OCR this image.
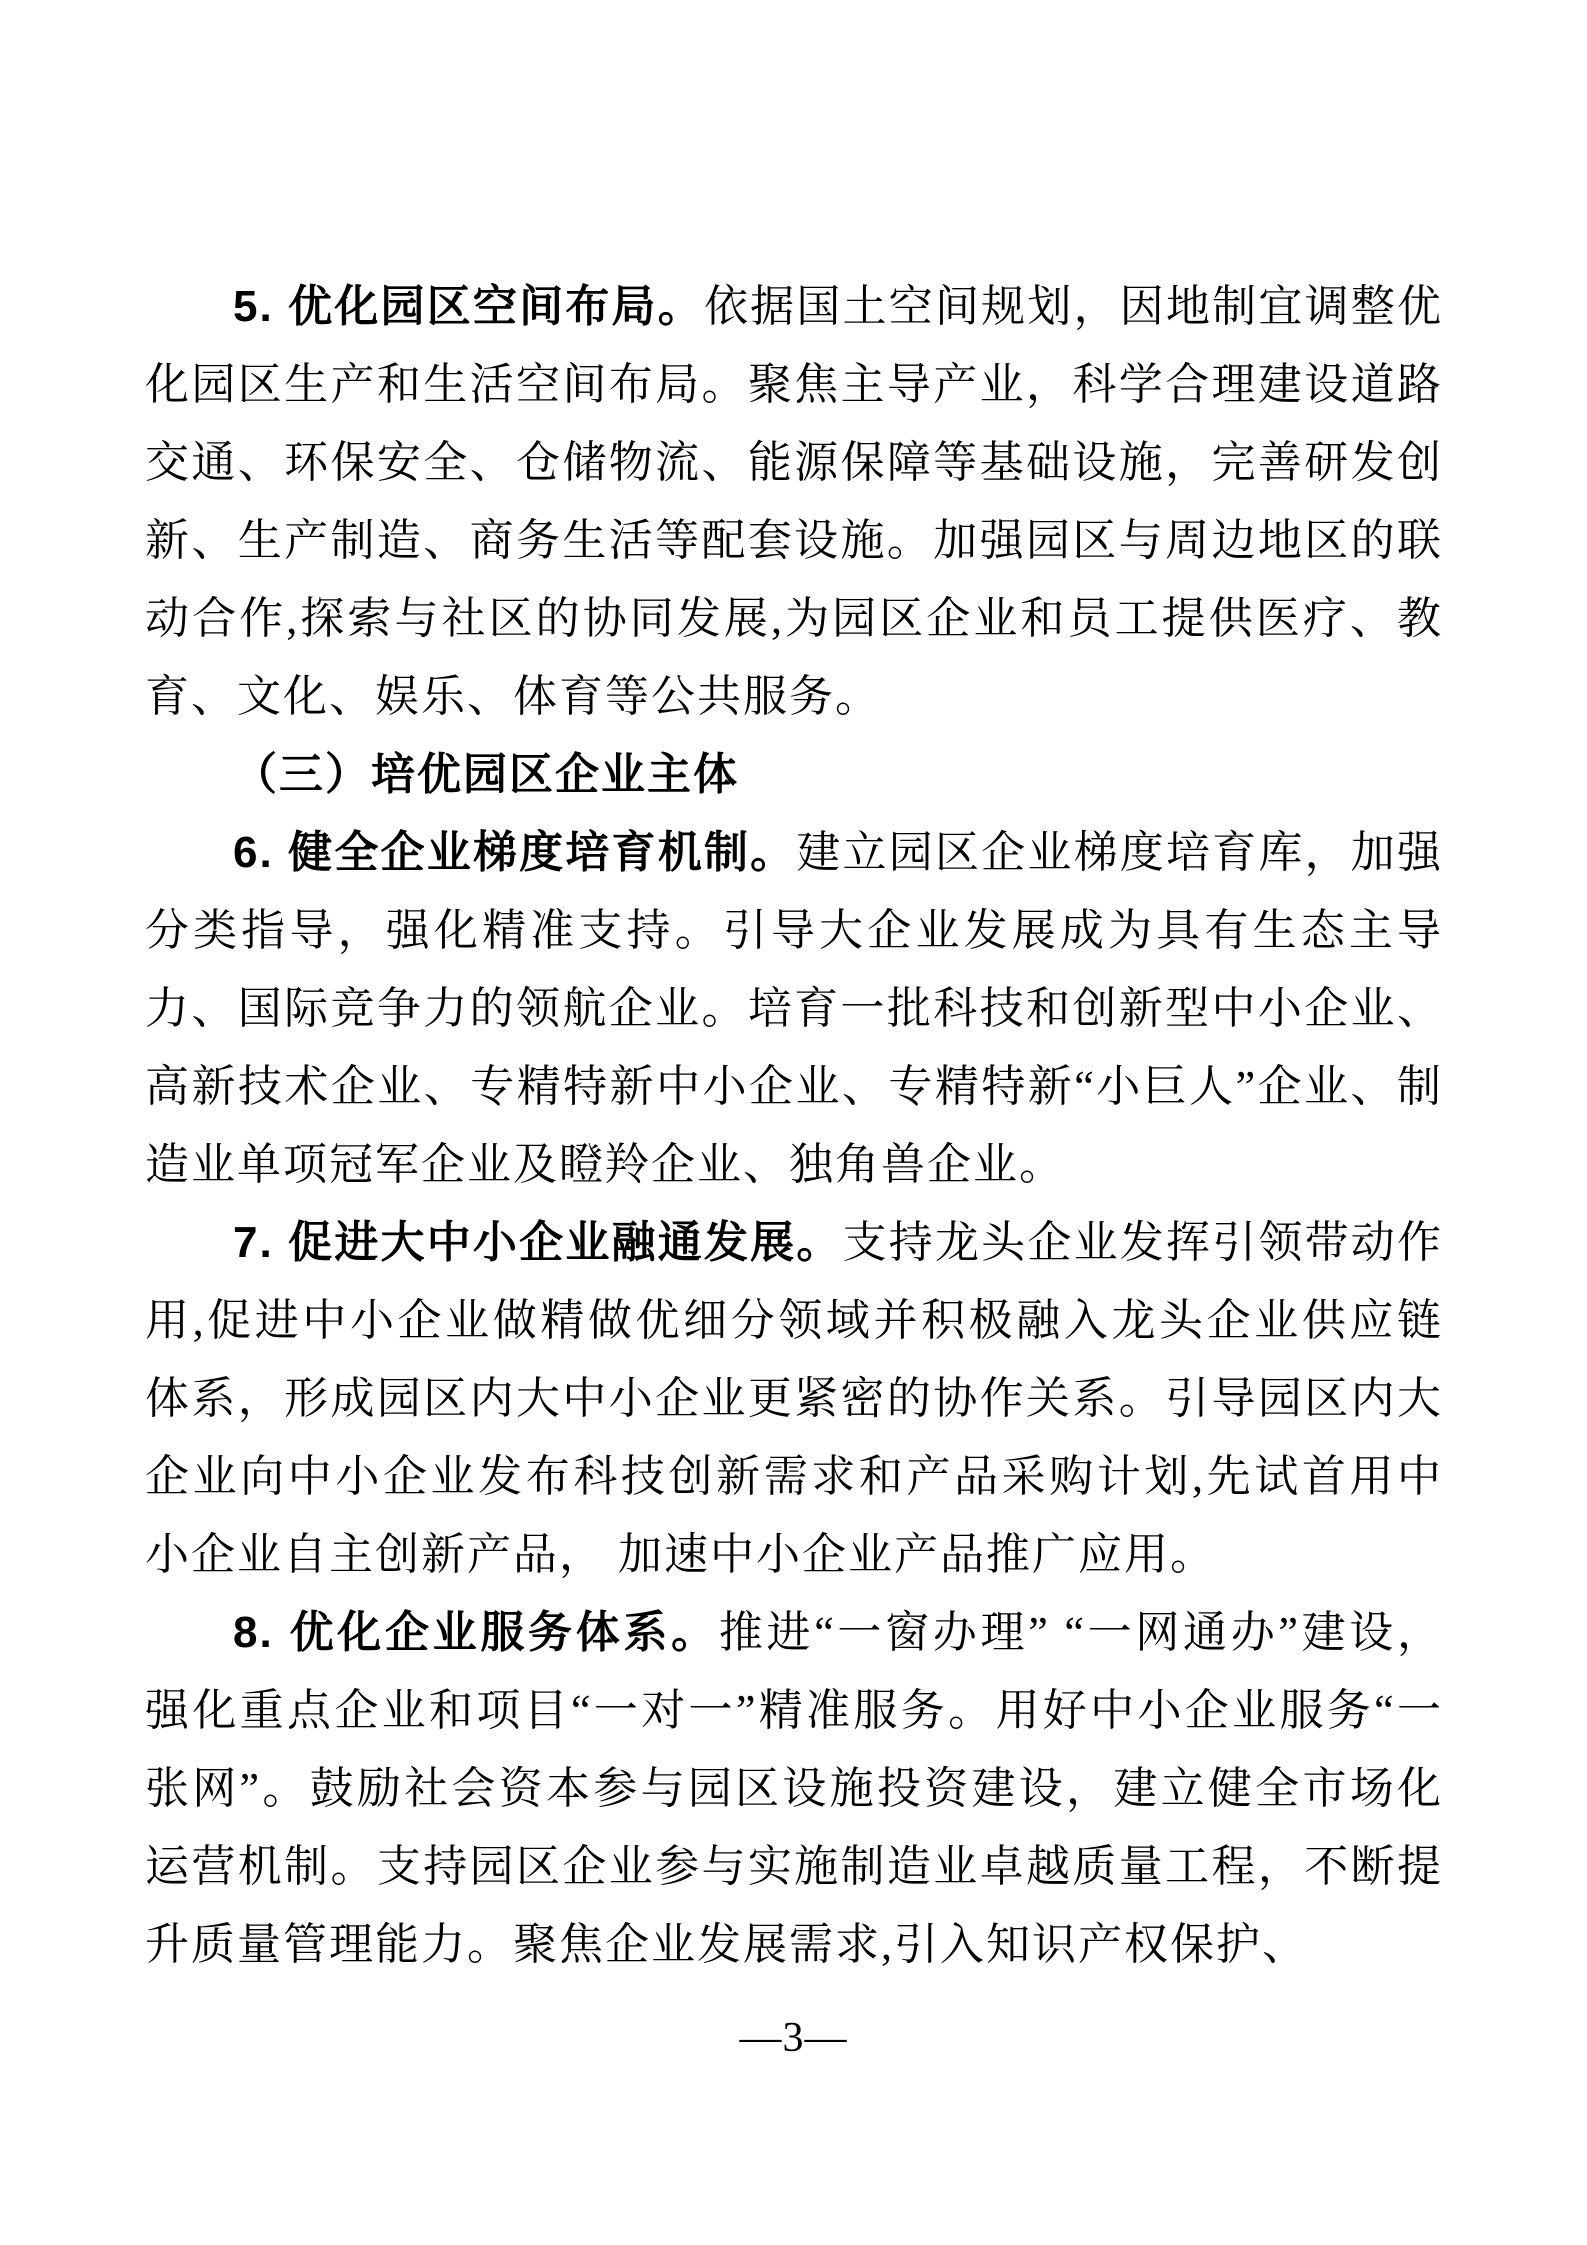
5. 优化园区空间布局。依据国土空间规划，因地制宜调整优化园区生产和生活空间布局。聚焦主导产业，科学合理建设道路交通、环保安全、仓储物流、能源保障等基础设施，完善研发创新、生产制造、商务生活等配套设施。加强园区与周边地区的联动合作,探索与社区的协同发展,为园区企业和员工提供医疗、教育、文化、娱乐、体育等公共服务。

（三）培优园区企业主体

6. 健全企业梯度培育机制。建立园区企业梯度培育库，加强分类指导，强化精准支持。引导大企业发展成为具有生态主导力、国际竞争力的领航企业。培育一批科技和创新型中小企业、高新技术企业、专精特新中小企业、专精特新“小巨人”企业、制造业单项冠军企业及瞪羚企业、独角兽企业。

7. 促进大中小企业融通发展。支持龙头企业发挥引领带动作用,促进中小企业做精做优细分领域并积极融入龙头企业供应链体系，形成园区内大中小企业更紧密的协作关系。引导园区内大企业向中小企业发布科技创新需求和产品采购计划,先试首用中小企业自主创新产品， 加速中小企业产品推广应用。

8. 优化企业服务体系。推进“一窗办理” “一网通办”建设，强化重点企业和项目“一对一”精准服务。用好中小企业服务“一张网”。鼓励社会资本参与园区设施投资建设，建立健全市场化运营机制。支持园区企业参与实施制造业卓越质量工程，不断提升质量管理能力。聚焦企业发展需求,引入知识产权保护、

—3—
